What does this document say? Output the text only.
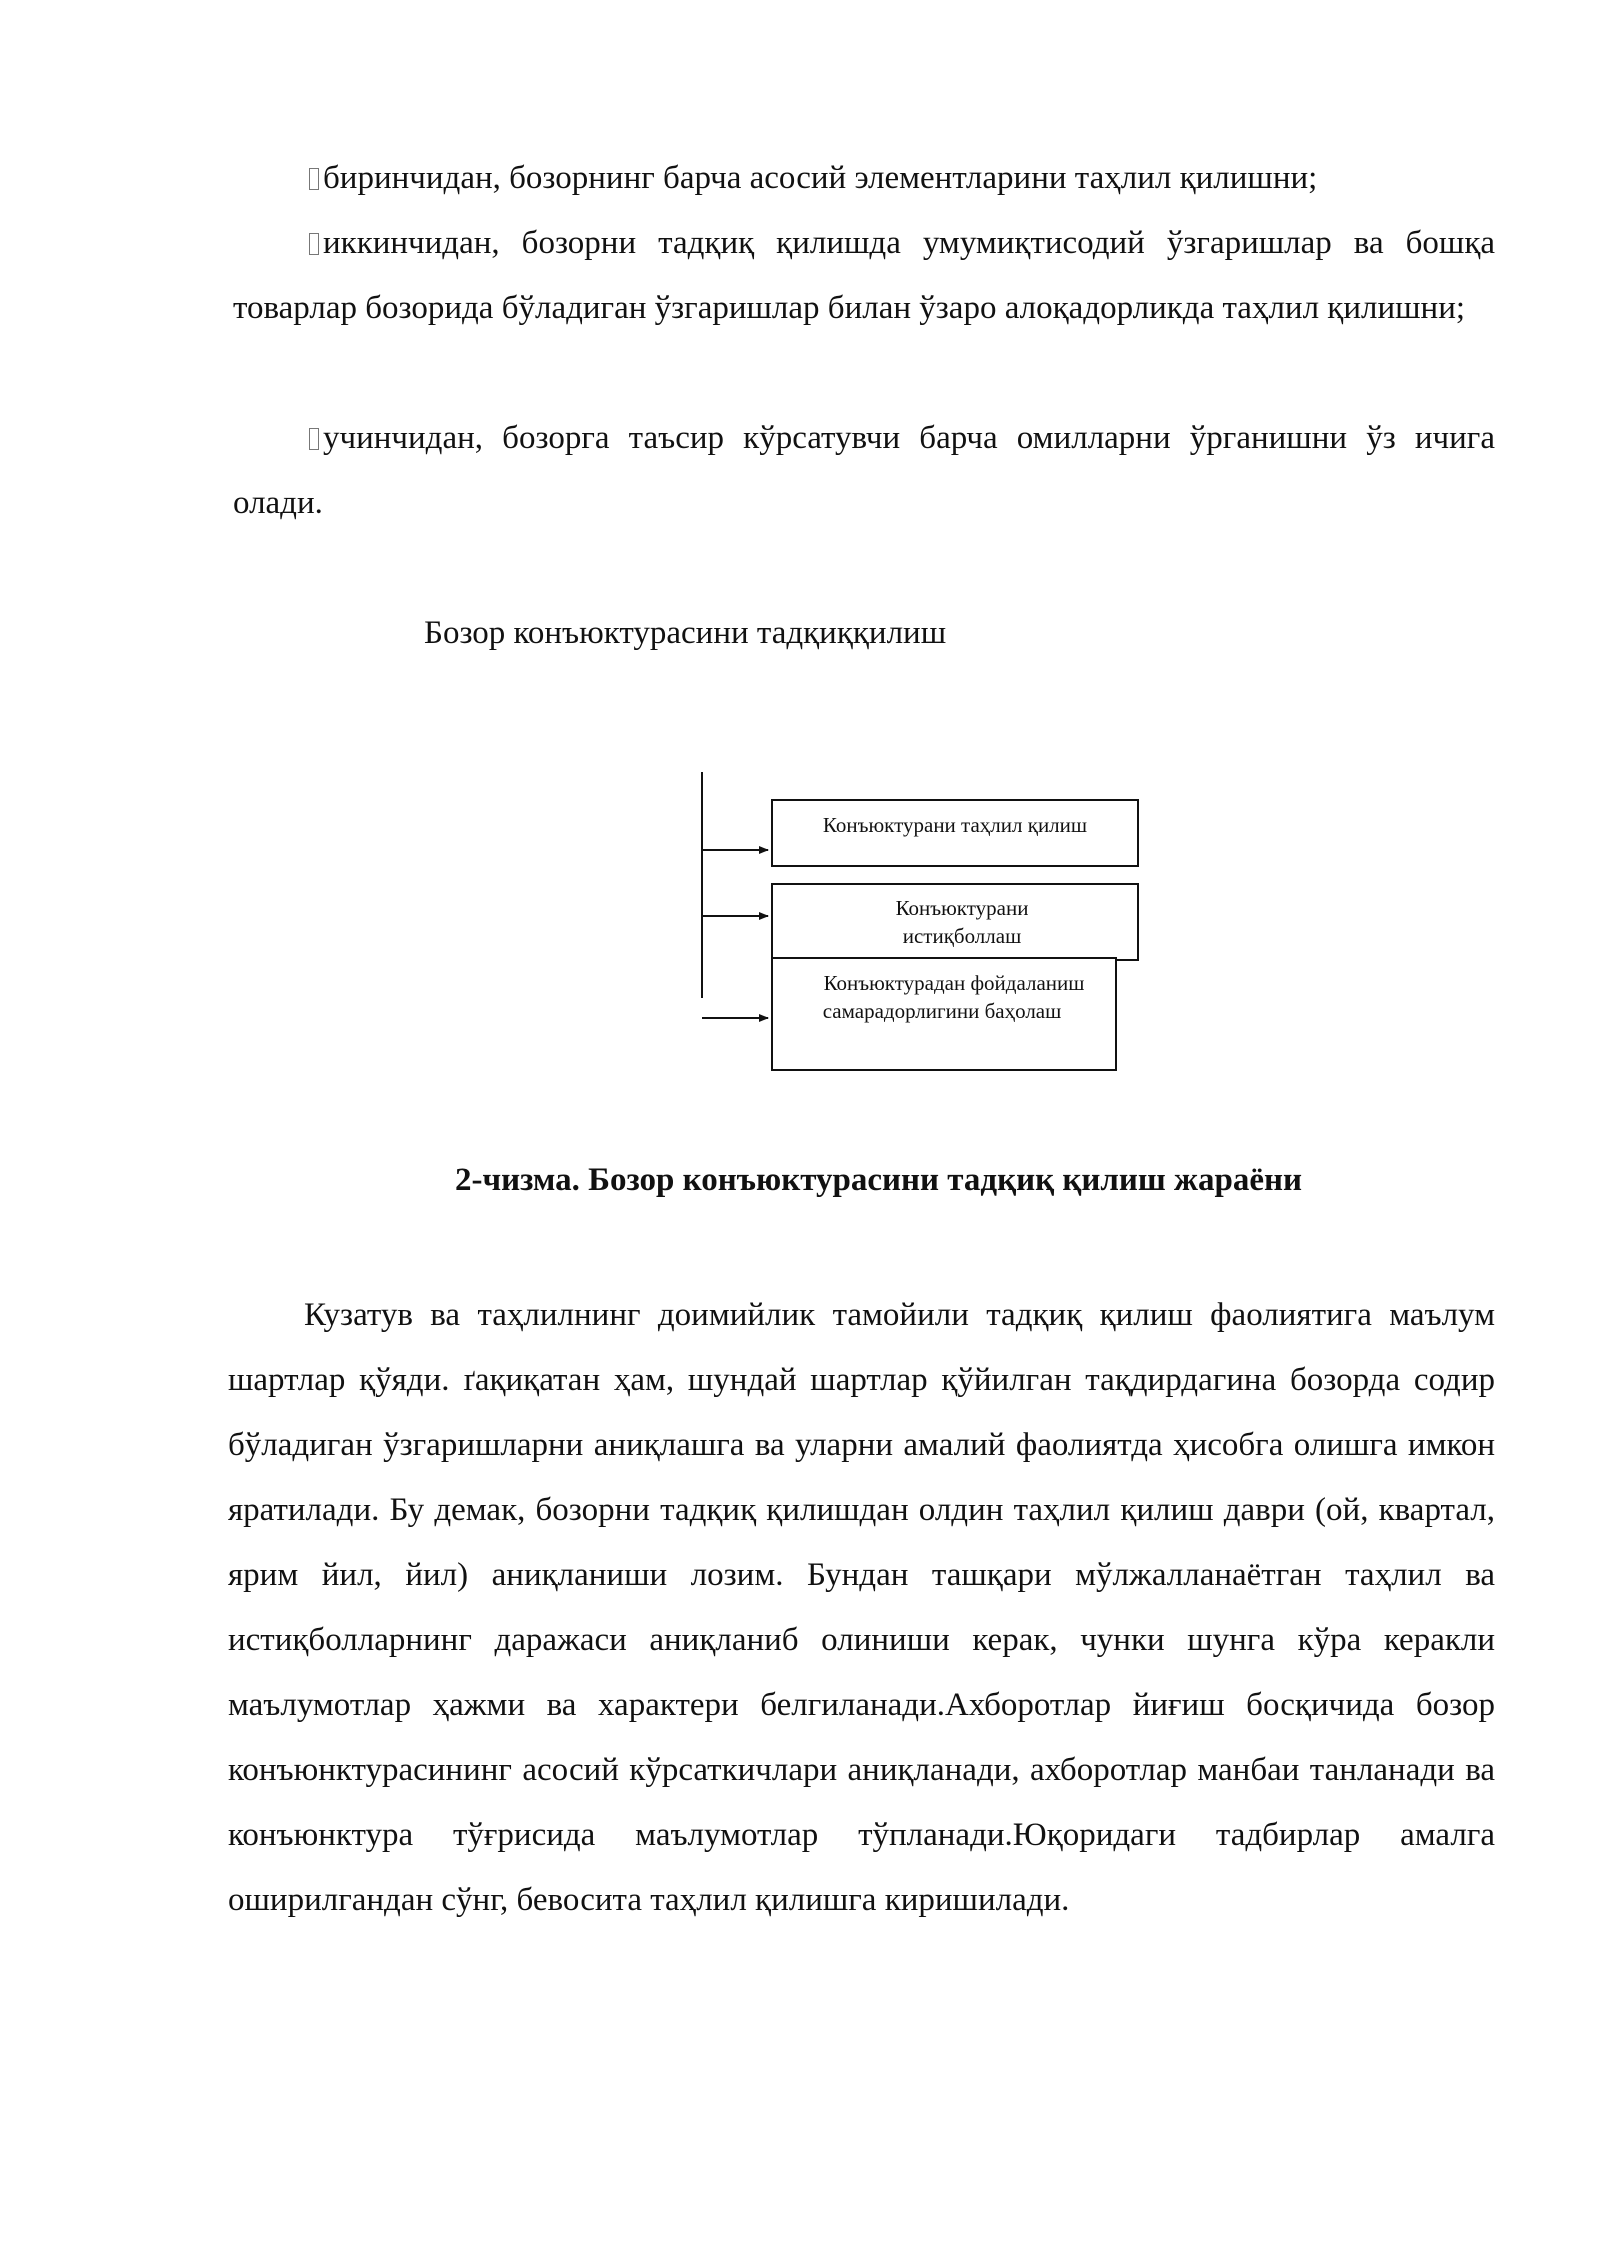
биринчидан, бозорнинг барча асосий элементларини таҳлил қилишни;

иккинчидан, бозорни тадқиқ қилишда умумиқтисодий ўзгаришлар ва бошқа товарлар бозорида бўладиган ўзгаришлар билан ўзаро алоқадорликда таҳлил қилишни;

учинчидан, бозорга таъсир кўрсатувчи барча омилларни ўрганишни ўз ичига олади.

Бозор конъюктурасини тадқиққилиш

Конъюктурани таҳлил қилиш
Конъюктурани
истиқболлаш
Конъюктурадан фойдаланиш
самарадорлигини баҳолаш

2-чизма. Бозор конъюктурасини тадқиқ қилиш жараёни

Кузатув ва таҳлилнинг доимийлик тамойили тадқиқ қилиш фаолиятига маълум шартлар қўяди. ґақиқатан ҳам, шундай шартлар қўйилган тақдирдагина бозорда содир бўладиган ўзгаришларни аниқлашга ва уларни амалий фаолиятда ҳисобга олишга имкон яратилади. Бу демак, бозорни тадқиқ қилишдан олдин таҳлил қилиш даври (ой, квартал, ярим йил, йил) аниқланиши лозим. Бундан ташқари мўлжалланаётган таҳлил ва истиқболларнинг даражаси аниқланиб олиниши керак, чунки шунга кўра керакли маълумотлар ҳажми ва характери белгиланади.Ахборотлар йиғиш босқичида бозор конъюнктурасининг асосий кўрсаткичлари аниқланади, ахборотлар манбаи танланади ва конъюнктура тўғрисида маълумотлар тўпланади.Юқоридаги тадбирлар амалга оширилгандан сўнг, бевосита таҳлил қилишга киришилади.
